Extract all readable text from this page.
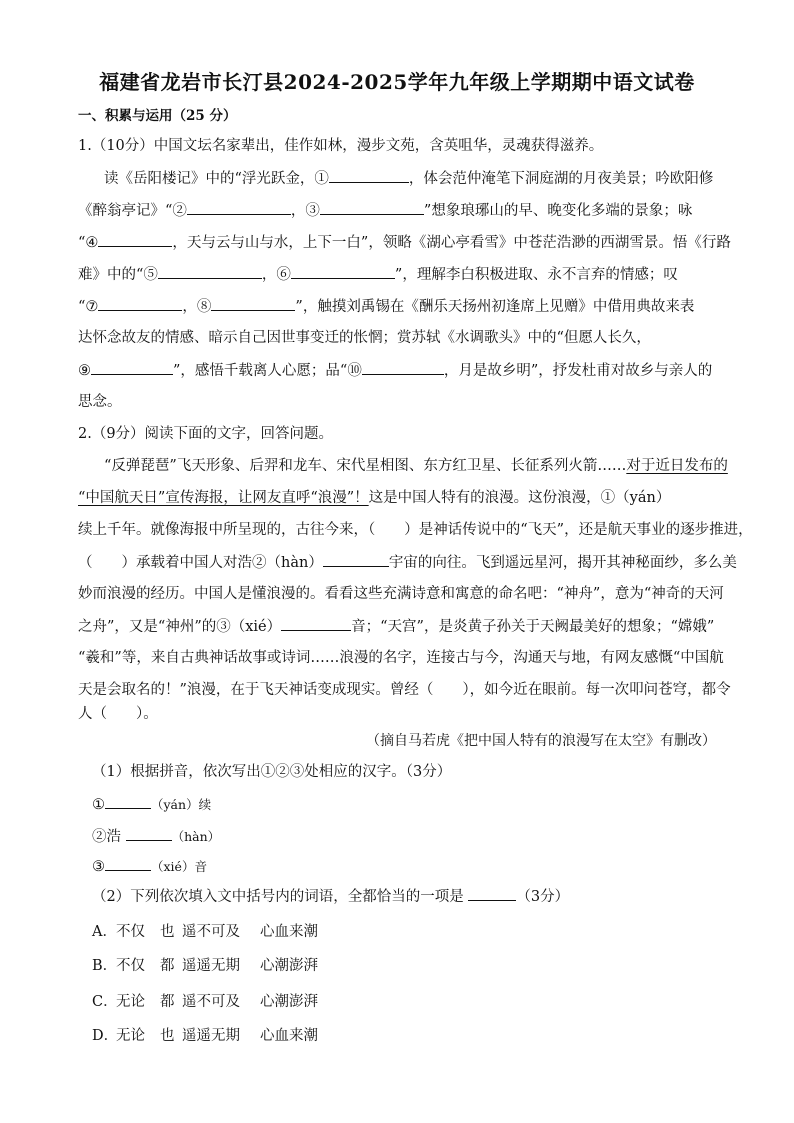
福建省龙岩市长汀县2024-2025学年九年级上学期期中语文试卷
一、积累与运用（25 分）
1.（10分）中国文坛名家辈出，佳作如林，漫步文苑，含英咀华，灵魂获得滋养。
读《岳阳楼记》中的“浮光跃金，①	，体会范仲淹笔下洞庭湖的月夜美景；吟欧阳修
《醉翁亭记》“②	，③	”想象琅琊山的早、晚变化多端的景象；咏
“④	，天与云与山与水，上下一白”，领略《湖心亭看雪》中苍茫浩渺的西湖雪景。悟《行路
难》中的“⑤	，⑥	”，理解李白积极进取、永不言弃的情感；叹
“⑦	，⑧	”，触摸刘禹锡在《酬乐天扬州初逢席上见赠》中借用典故来表
达怀念故友的情感、暗示自己因世事变迁的怅惘；赏苏轼《水调歌头》中的“但愿人长久，
⑨	”，感悟千载离人心愿；品“⑩	，月是故乡明”，抒发杜甫对故乡与亲人的
思念。
2.（9分）阅读下面的文字，回答问题。
“反弹琵琶”飞天形象、后羿和龙车、宋代星相图、东方红卫星、长征系列火箭……对于近日发布的
“中国航天日”宣传海报，让网友直呼“浪漫”！这是中国人特有的浪漫。这份浪漫，①（yán）
续上千年。就像海报中所呈现的，古往今来，（　　）是神话传说中的“飞天”，还是航天事业的逐步推进，
（　　）承载着中国人对浩②（hàn）	宇宙的向往。飞到遥远星河，揭开其神秘面纱，多么美
妙而浪漫的经历。中国人是懂浪漫的。看看这些充满诗意和寓意的命名吧：“神舟”，意为“神奇的天河
之舟”，又是“神州”的③（xié）	音；“天宫”，是炎黄子孙关于天阙最美好的想象；“嫦娥”
“羲和”等，来自古典神话故事或诗词……浪漫的名字，连接古与今，沟通天与地，有网友感慨“中国航
天是会取名的！”浪漫，在于飞天神话变成现实。曾经（　　），如今近在眼前。每一次叩问苍穹，都令
人（　　）。
（摘自马若虎《把中国人特有的浪漫写在太空》有删改）
（1）根据拼音，依次写出①②③处相应的汉字。（3分）
①	（yán）续
②浩	（hàn）
③	（xié）音
（2）下列依次填入文中括号内的词语，全都恰当的一项是	（3分）
A．不仅 也 遥不可及 心血来潮
B．不仅 都 遥遥无期 心潮澎湃
C．无论 都 遥不可及 心潮澎湃
D．无论 也 遥遥无期 心血来潮
